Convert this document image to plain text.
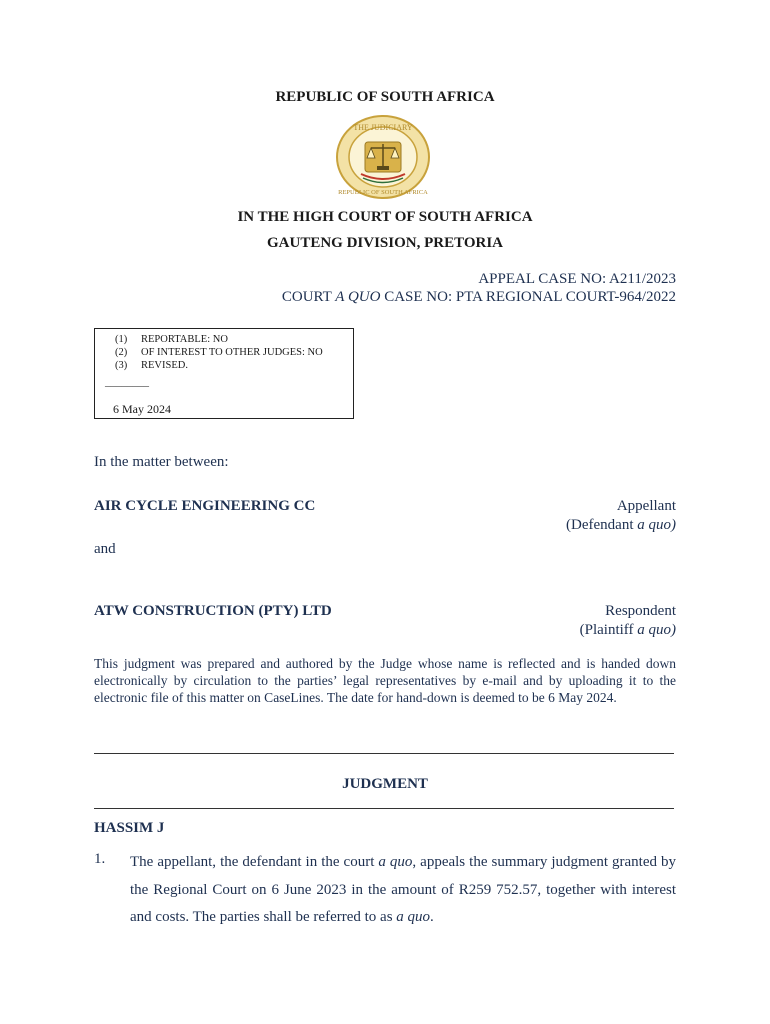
REPUBLIC OF SOUTH AFRICA
THE JUDICIARY
REPUBLIC OF SOUTH AFRICA
IN THE HIGH COURT OF SOUTH AFRICA
GAUTENG DIVISION, PRETORIA
APPEAL CASE NO: A211/2023
COURT A QUO CASE NO: PTA REGIONAL COURT-964/2022
(1) REPORTABLE: NO
(2) OF INTEREST TO OTHER JUDGES: NO
(3) REVISED.
________
6 May 2024
In the matter between:
AIR CYCLE ENGINEERING CC	Appellant
(Defendant a quo)
and
ATW CONSTRUCTION (PTY) LTD	Respondent
(Plaintiff a quo)
This judgment was prepared and authored by the Judge whose name is reflected and is handed down electronically by circulation to the parties’ legal representatives by e-mail and by uploading it to the electronic file of this matter on CaseLines. The date for hand-down is deemed to be 6 May 2024.
JUDGMENT
HASSIM J
1. The appellant, the defendant in the court a quo, appeals the summary judgment granted by the Regional Court on 6 June 2023 in the amount of R259 752.57, together with interest and costs. The parties shall be referred to as a quo.
